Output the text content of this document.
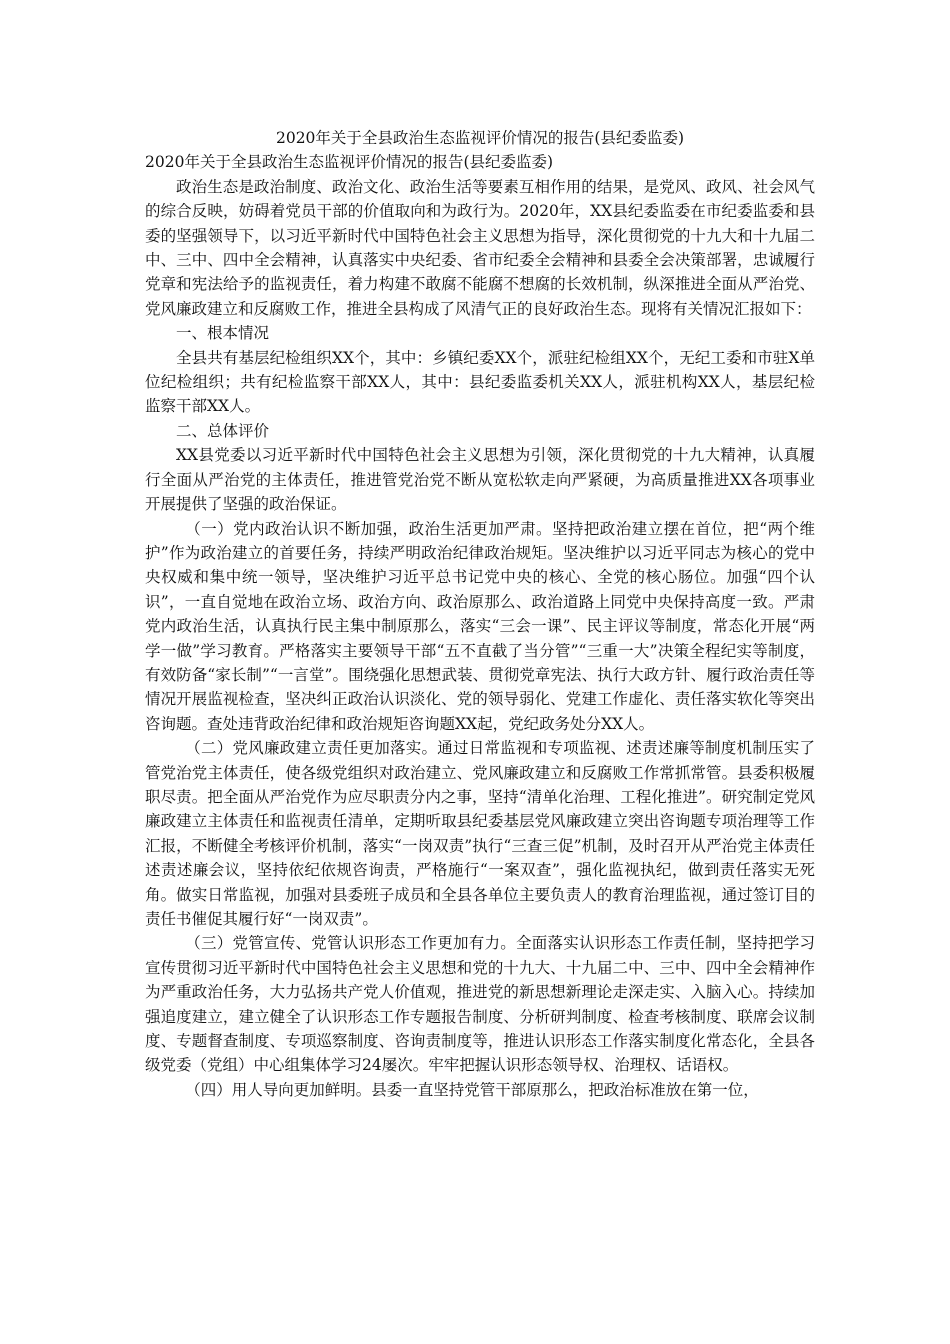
2020年关于全县政治生态监视评价情况的报告(县纪委监委)

2020年关于全县政治生态监视评价情况的报告(县纪委监委)

政治生态是政治制度、政治文化、政治生活等要素互相作用的结果，是党风、政风、社会风气的综合反映，妨碍着党员干部的价值取向和为政行为。2020年，XX县纪委监委在市纪委监委和县委的坚强领导下，以习近平新时代中国特色社会主义思想为指导，深化贯彻党的十九大和十九届二中、三中、四中全会精神，认真落实中央纪委、省市纪委全会精神和县委全会决策部署，忠诚履行党章和宪法给予的监视责任，着力构建不敢腐不能腐不想腐的长效机制，纵深推进全面从严治党、党风廉政建立和反腐败工作，推进全县构成了风清气正的良好政治生态。现将有关情况汇报如下：

一、根本情况

全县共有基层纪检组织XX个，其中：乡镇纪委XX个，派驻纪检组XX个，无纪工委和市驻X单位纪检组织；共有纪检监察干部XX人，其中：县纪委监委机关XX人，派驻机构XX人，基层纪检监察干部XX人。

二、总体评价

XX县党委以习近平新时代中国特色社会主义思想为引领，深化贯彻党的十九大精神，认真履行全面从严治党的主体责任，推进管党治党不断从宽松软走向严紧硬，为高质量推进XX各项事业开展提供了坚强的政治保证。

（一）党内政治认识不断加强，政治生活更加严肃。坚持把政治建立摆在首位，把“两个维护”作为政治建立的首要任务，持续严明政治纪律政治规矩。坚决维护以习近平同志为核心的党中央权威和集中统一领导，坚决维护习近平总书记党中央的核心、全党的核心肠位。加强“四个认识”，一直自觉地在政治立场、政治方向、政治原那么、政治道路上同党中央保持高度一致。严肃党内政治生活，认真执行民主集中制原那么，落实“三会一课”、民主评议等制度，常态化开展“两学一做”学习教育。严格落实主要领导干部“五不直截了当分管”“三重一大”决策全程纪实等制度，有效防备“家长制”“一言堂”。围绕强化思想武装、贯彻党章宪法、执行大政方针、履行政治责任等情况开展监视检查，坚决纠正政治认识淡化、党的领导弱化、党建工作虚化、责任落实软化等突出咨询题。查处违背政治纪律和政治规矩咨询题XX起，党纪政务处分XX人。

（二）党风廉政建立责任更加落实。通过日常监视和专项监视、述责述廉等制度机制压实了管党治党主体责任，使各级党组织对政治建立、党风廉政建立和反腐败工作常抓常管。县委积极履职尽责。把全面从严治党作为应尽职责分内之事，坚持“清单化治理、工程化推进”。研究制定党风廉政建立主体责任和监视责任清单，定期听取县纪委基层党风廉政建立突出咨询题专项治理等工作汇报，不断健全考核评价机制，落实“一岗双责”执行“三查三促”机制，及时召开从严治党主体责任述责述廉会议，坚持依纪依规咨询责，严格施行“一案双查”，强化监视执纪，做到责任落实无死角。做实日常监视，加强对县委班子成员和全县各单位主要负责人的教育治理监视，通过签订目的责任书催促其履行好“一岗双责”。

（三）党管宣传、党管认识形态工作更加有力。全面落实认识形态工作责任制，坚持把学习宣传贯彻习近平新时代中国特色社会主义思想和党的十九大、十九届二中、三中、四中全会精神作为严重政治任务，大力弘扬共产党人价值观，推进党的新思想新理论走深走实、入脑入心。持续加强追度建立，建立健全了认识形态工作专题报告制度、分析研判制度、检查考核制度、联席会议制度、专题督查制度、专项巡察制度、咨询责制度等，推进认识形态工作落实制度化常态化，全县各级党委（党组）中心组集体学习24屡次。牢牢把握认识形态领导权、治理权、话语权。

（四）用人导向更加鲜明。县委一直坚持党管干部原那么，把政治标准放在第一位，
